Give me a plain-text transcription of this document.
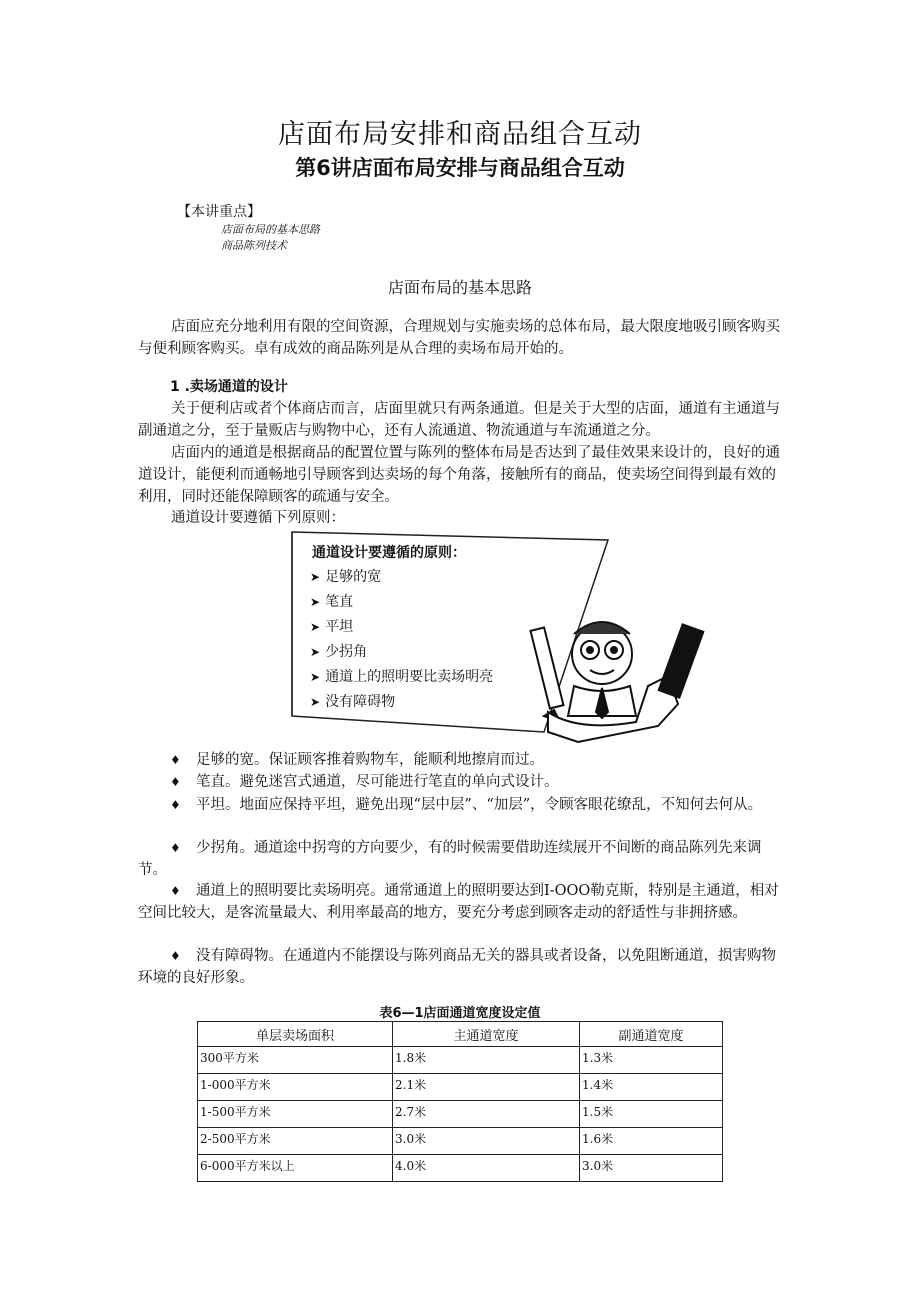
店面布局安排和商品组合互动
第6讲店面布局安排与商品组合互动
【本讲重点】
店面布局的基本思路
商品陈列技术
店面布局的基本思路

店面应充分地利用有限的空间资源，合理规划与实施卖场的总体布局，最大限度地吸引顾客购买与便利顾客购买。卓有成效的商品陈列是从合理的卖场布局开始的。

1 .卖场通道的设计

关于便利店或者个体商店而言，店面里就只有两条通道。但是关于大型的店面，通道有主通道与副通道之分，至于量贩店与购物中心，还有人流通道、物流通道与车流通道之分。

店面内的通道是根据商品的配置位置与陈列的整体布局是否达到了最佳效果来设计的，良好的通道设计，能便利而通畅地引导顾客到达卖场的每个角落，接触所有的商品，使卖场空间得到最有效的利用，同时还能保障顾客的疏通与安全。

通道设计要遵循下列原则：

通道设计要遵循的原则：
➤ 足够的宽
➤ 笔直
➤ 平坦
➤ 少拐角
➤ 通道上的照明要比卖场明亮
➤ 没有障碍物

♦ 足够的宽。保证顾客推着购物车，能顺利地擦肩而过。

♦ 笔直。避免迷宫式通道，尽可能进行笔直的单向式设计。

♦ 平坦。地面应保持平坦，避免出现“层中层”、“加层”，令顾客眼花缭乱，不知何去何从。

♦ 少拐角。通道途中拐弯的方向要少，有的时候需要借助连续展开不间断的商品陈列先来调节。

♦ 通道上的照明要比卖场明亮。通常通道上的照明要达到I-OOO勒克斯，特别是主通道，相对空间比较大，是客流量最大、利用率最高的地方，要充分考虑到顾客走动的舒适性与非拥挤感。

♦ 没有障碍物。在通道内不能摆设与陈列商品无关的器具或者设备，以免阻断通道，损害购物环境的良好形象。

表6—1店面通道宽度设定值
单层卖场面积	主通道宽度	副通道宽度
300平方米	1.8米	1.3米
1-000平方米	2.1米	1.4米
1-500平方米	2.7米	1.5米
2-500平方米	3.0米	1.6米
6-000平方米以上	4.0米	3.0米
